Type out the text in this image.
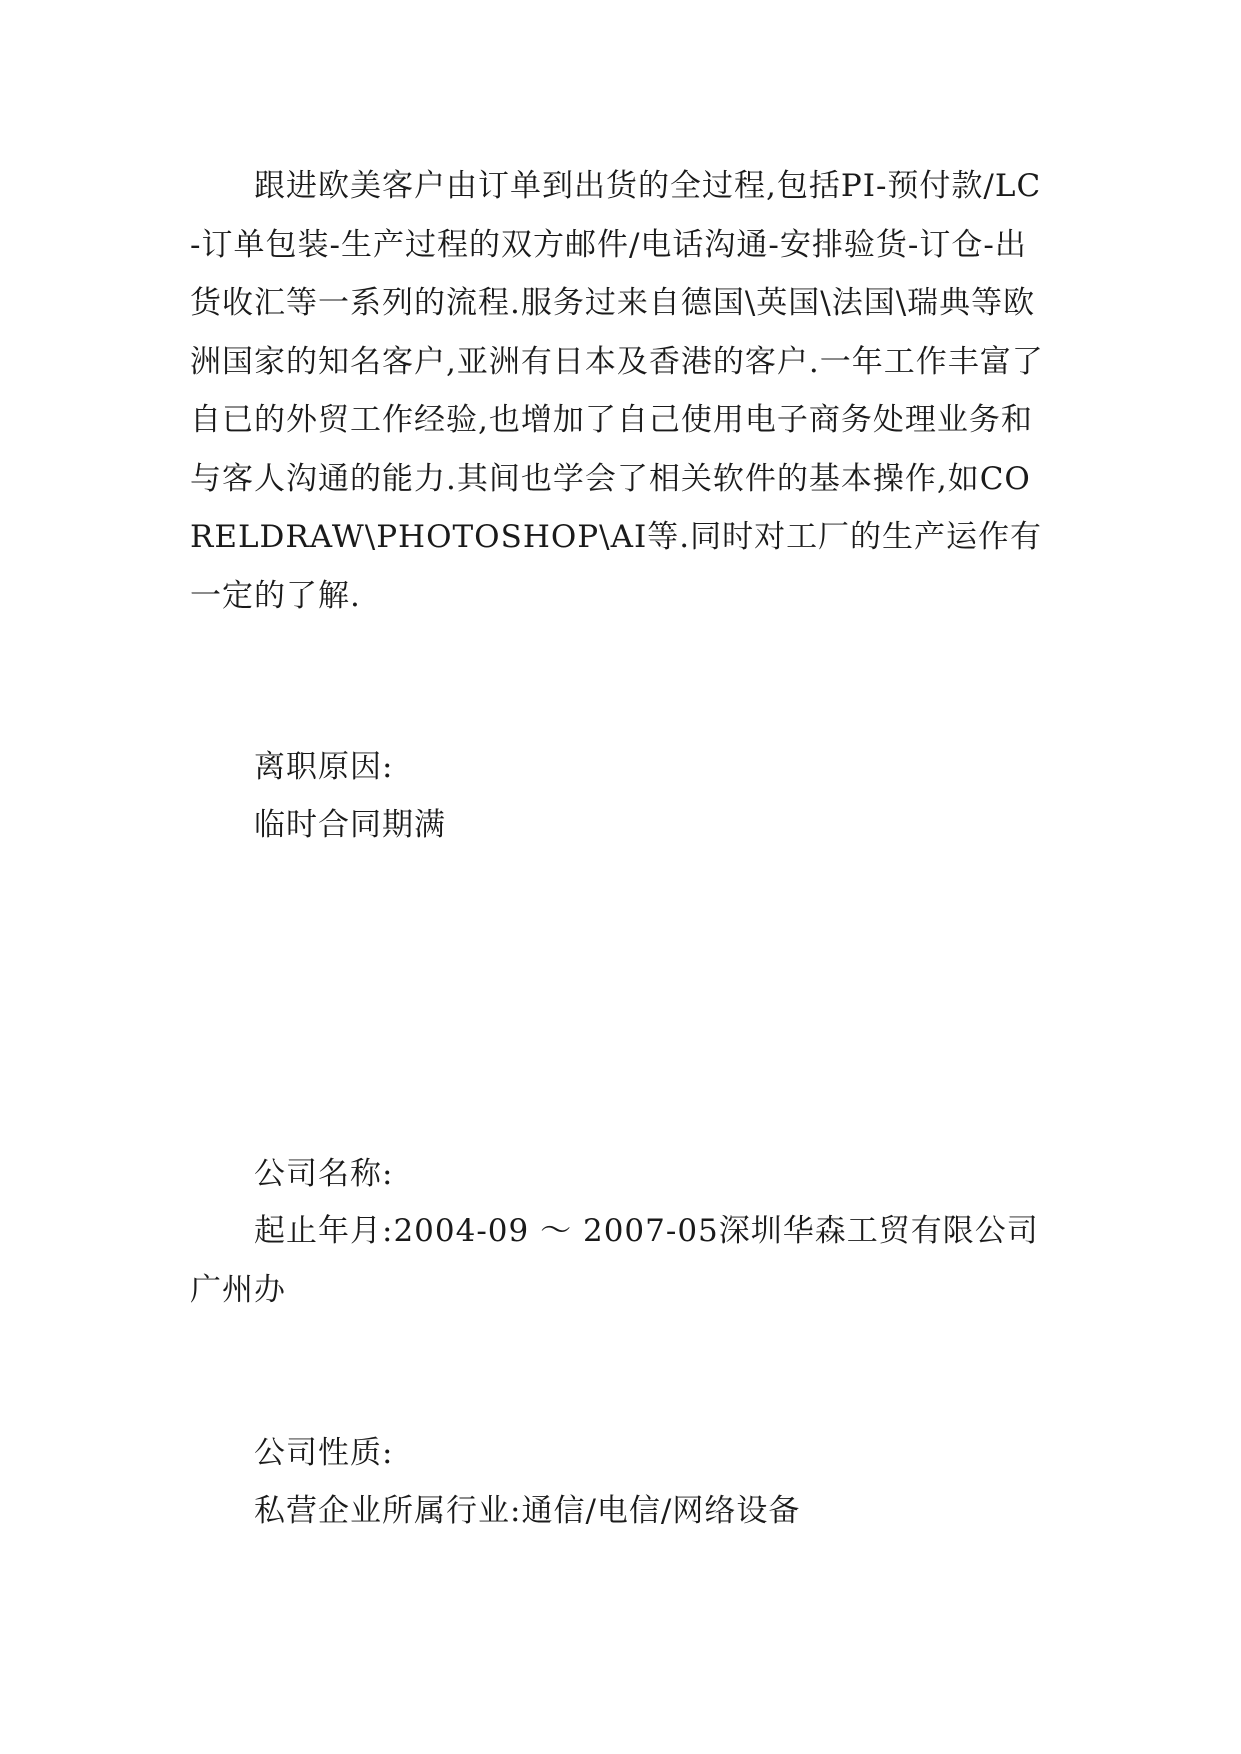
跟进欧美客户由订单到出货的全过程,包括PI-预付款/LC-订单包装-生产过程的双方邮件/电话沟通-安排验货-订仓-出货收汇等一系列的流程.服务过来自德国\英国\法国\瑞典等欧洲国家的知名客户,亚洲有日本及香港的客户.一年工作丰富了自已的外贸工作经验,也增加了自己使用电子商务处理业务和与客人沟通的能力.其间也学会了相关软件的基本操作,如CORELDRAW\PHOTOSHOP\AI等.同时对工厂的生产运作有一定的了解.

离职原因:

临时合同期满

公司名称:

起止年月:2004-09 ～ 2007-05深圳华森工贸有限公司广州办

公司性质:

私营企业所属行业:通信/电信/网络设备
